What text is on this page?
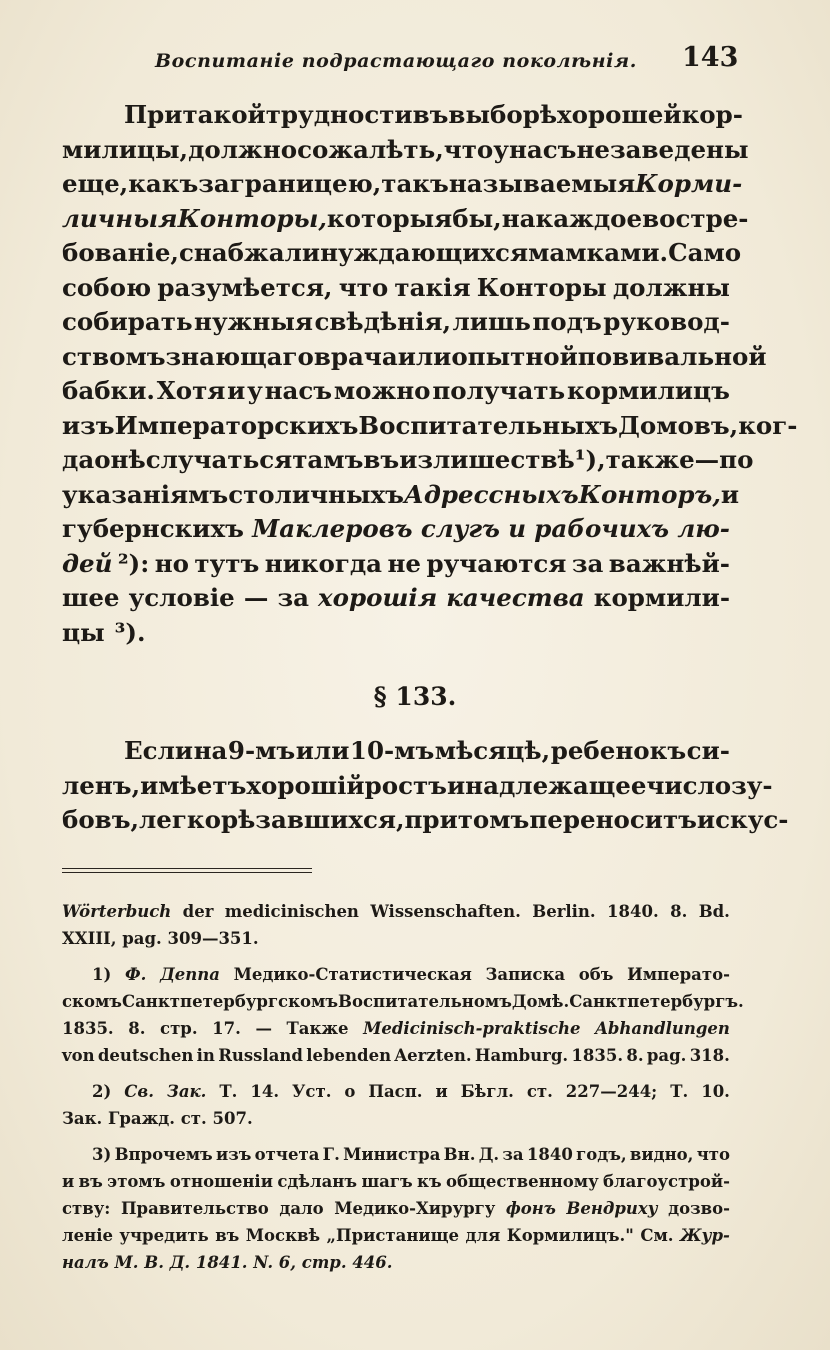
Воспитаніе подрастающаго поколѣнія. 143
При такой трудности въ выборѣ хорошей кор-
милицы, должно сожалѣть, что у насъ не заведены
еще, какъ заграницею, такъ называемыя Корми-
личныя Конторы, которыя бы, на каждое востре-
бованіе, снабжали нуждающихся мамками. Само
собою разумѣется, что такія Конторы должны
собирать нужныя свѣдѣнія, лишь подъ руковод-
ствомъ знающаго врача или опытной повивальной
бабки. Хотя и у насъ можно получать кормилицъ
изъ Императорскихъ Воспитательныхъ Домовъ, ког-
да онѣ случаться тамъ въ излишествѣ ¹), также—по
указаніямъ столичныхъ Адрессныхъ Конторъ, и
губернскихъ Маклеровъ слугъ и рабочихъ лю-
дей ²): но тутъ никогда не ручаются за важнѣй-
шее условіе — за хорошія качества кормили-
цы ³).
§ 133.
Если на 9-мъ или 10-мъ мѣсяцѣ, ребенокъ си-
ленъ, имѣетъ хорошій ростъ и надлежащее число зу-
бовъ, легко рѣзавшихся, притомъ переноситъ искус-
Wörterbuch der medicinischen Wissenschaften. Berlin. 1840. 8. Bd.
XXIII, pag. 309—351.
1) Ф. Деппа Медико-Статистическая Записка объ Императо-
скомъ Санктпетербургскомъ Воспитательномъ Домѣ. Санктпетербургъ.
1835. 8. стр. 17. — Также Medicinisch-praktische Abhandlungen
von deutschen in Russland lebenden Aerzten. Hamburg. 1835. 8. pag. 318.
2) Св. Зак. Т. 14. Уст. о Пасп. и Бѣгл. ст. 227—244; Т. 10.
Зак. Гражд. ст. 507.
3) Впрочемъ изъ отчета Г. Министра Вн. Д. за 1840 годъ, видно, что
и въ этомъ отношеніи сдѣланъ шагъ къ общественному благоустрой-
ству: Правительство дало Медико-Хирургу фонъ Вендриху дозво-
леніе учредить въ Москвѣ „Пристанище для Кормилицъ." См. Жур-
налъ М. В. Д. 1841. N. 6, стр. 446.
